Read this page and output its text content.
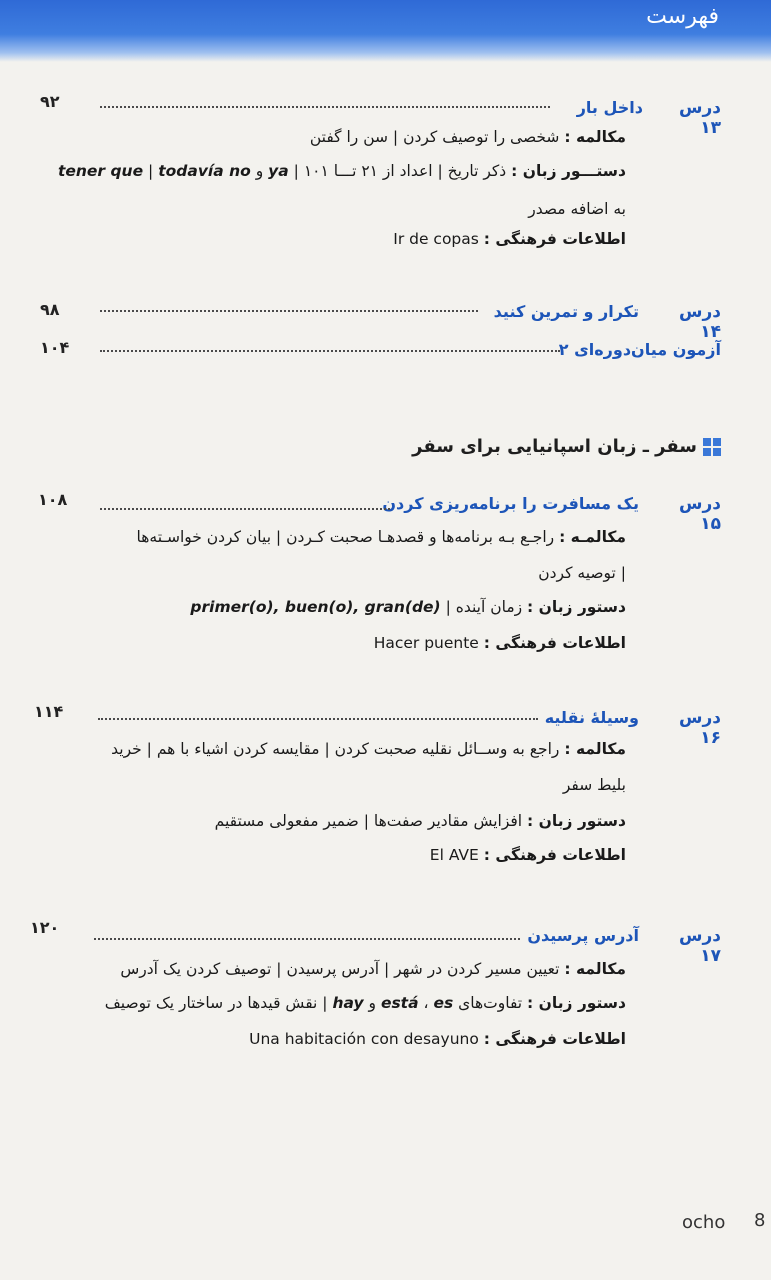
فهرست
درس ۱۳
داخل بار
۹۲
مکالمه : شخصی را توصیف کردن | سن را گفتن
دستـــور زبان : ذکر تاریخ | اعداد از ۲۱ تـــا ۱۰۱ | ya و todavía no | tener que
به اضافه مصدر
اطلاعات فرهنگی : Ir de copas
درس ۱۴
تکرار و تمرین کنید
۹۸
آزمون میان‌دوره‌ای ۲
۱۰۴
سفر ـ زبان اسپانیایی برای سفر
درس ۱۵
یک مسافرت را برنامه‌ریزی کردن
۱۰۸
مکالمـه : راجـع بـه برنامه‌ها و قصدهـا صحبت کـردن | بیان کردن خواسـته‌ها
| توصیه کردن
دستور زبان : زمان آینده | primer(o), buen(o), gran(de)
اطلاعات فرهنگی : Hacer puente
درس ۱۶
وسیلهٔ نقلیه
۱۱۴
مکالمه : راجع به وســائل نقلیه صحبت کردن | مقایسه کردن اشیاء با هم | خرید
بلیط سفر
دستور زبان : افزایش مقادیر صفت‌ها | ضمیر مفعولی مستقیم
اطلاعات فرهنگی : El AVE
درس ۱۷
آدرس پرسیدن
۱۲۰
مکالمه : تعیین مسیر کردن در شهر | آدرس پرسیدن | توصیف کردن یک آدرس
دستور زبان : تفاوت‌های es ، está و hay | نقش قیدها در ساختار یک توصیف
اطلاعات فرهنگی : Una habitación con desayuno
ocho 8
